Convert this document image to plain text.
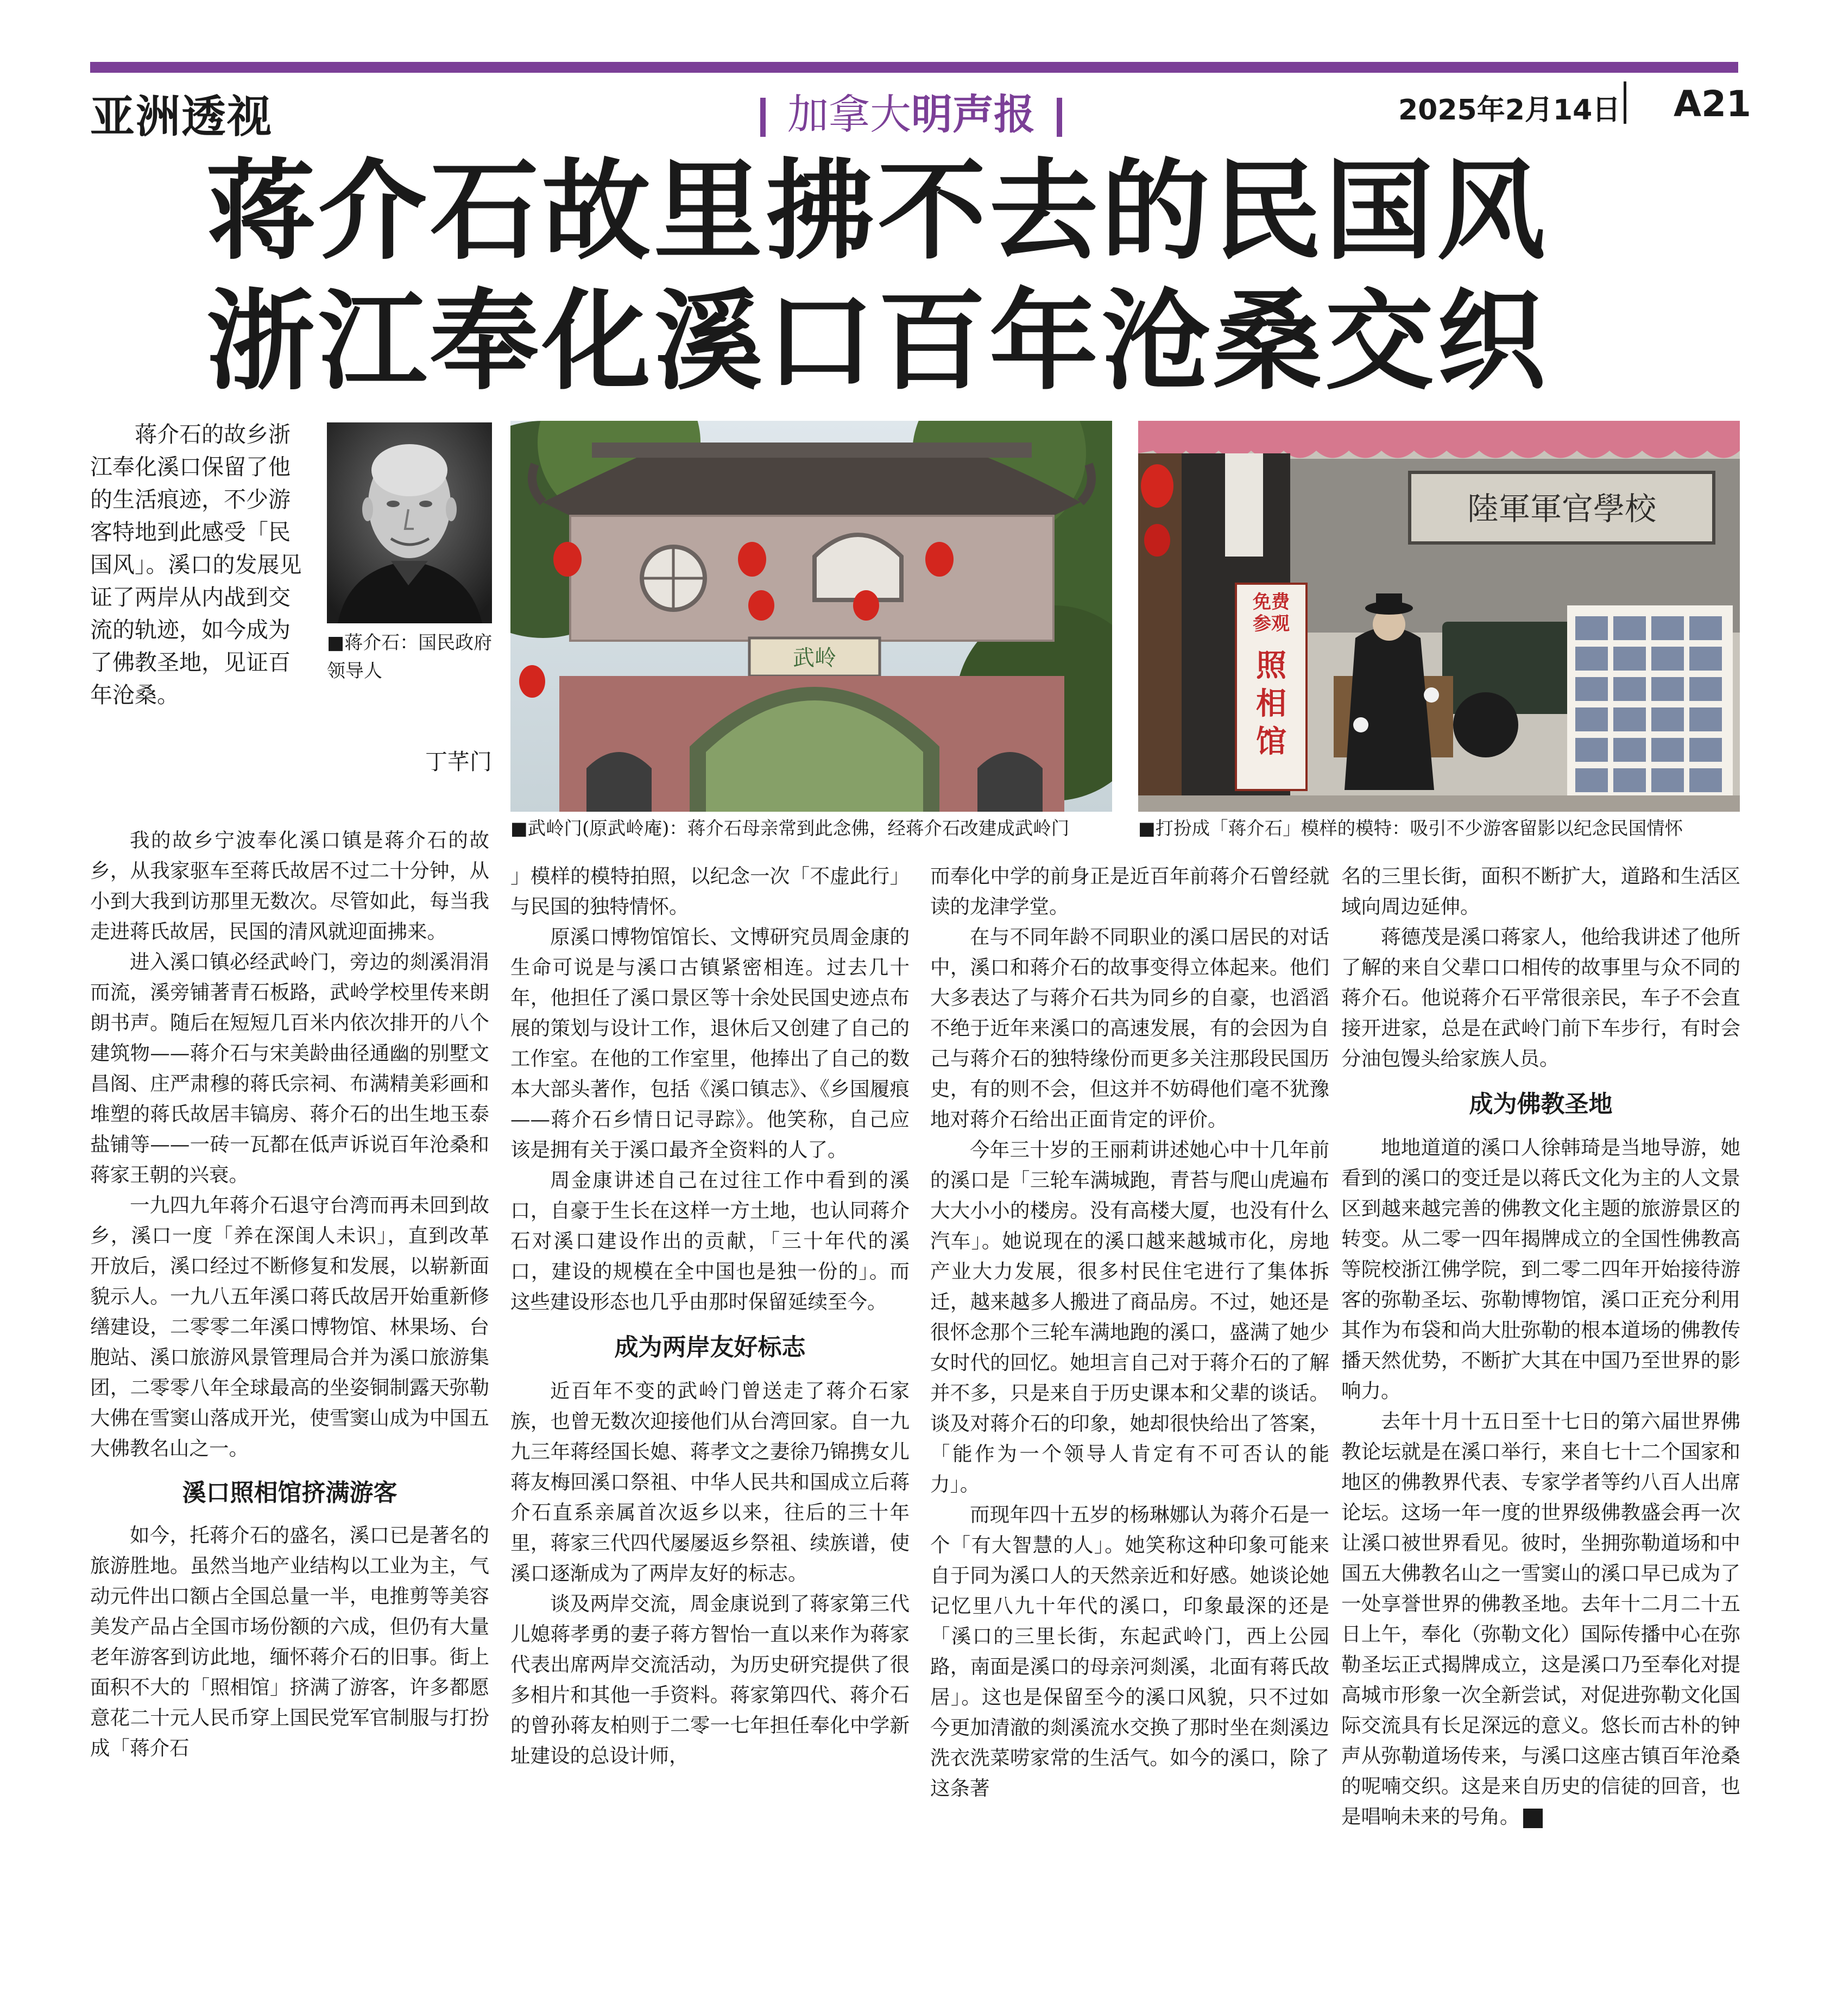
亚洲透视	加拿大明声报	2025年2月14日 A21
蒋介石故里拂不去的民国风
浙江奉化溪口百年沧桑交织

蒋介石的故乡浙江奉化溪口保留了他的生活痕迹，不少游客特地到此感受「民国风」。溪口的发展见证了两岸从内战到交流的轨迹，如今成为了佛教圣地，见证百年沧桑。

丁芊门
■蒋介石：国民政府领导人
武岭
■武岭门(原武岭庵)：蒋介石母亲常到此念佛，经蒋介石改建成武岭门
陸軍軍官學校
免费
参观
照
相
馆
■打扮成「蒋介石」模样的模特：吸引不少游客留影以纪念民国情怀

我的故乡宁波奉化溪口镇是蒋介石的故乡，从我家驱车至蒋氏故居不过二十分钟，从小到大我到访那里无数次。尽管如此，每当我走进蒋氏故居，民国的清风就迎面拂来。

进入溪口镇必经武岭门，旁边的剡溪涓涓而流，溪旁铺著青石板路，武岭学校里传来朗朗书声。随后在短短几百米内依次排开的八个建筑物——蒋介石与宋美龄曲径通幽的别墅文昌阁、庄严肃穆的蒋氏宗祠、布满精美彩画和堆塑的蒋氏故居丰镐房、蒋介石的出生地玉泰盐铺等——一砖一瓦都在低声诉说百年沧桑和蒋家王朝的兴衰。

一九四九年蒋介石退守台湾而再未回到故乡，溪口一度「养在深闺人未识」，直到改革开放后，溪口经过不断修复和发展，以崭新面貌示人。一九八五年溪口蒋氏故居开始重新修缮建设，二零零二年溪口博物馆、林果场、台胞站、溪口旅游风景管理局合并为溪口旅游集团，二零零八年全球最高的坐姿铜制露天弥勒大佛在雪窦山落成开光，使雪窦山成为中国五大佛教名山之一。

溪口照相馆挤满游客

如今，托蒋介石的盛名，溪口已是著名的旅游胜地。虽然当地产业结构以工业为主，气动元件出口额占全国总量一半，电推剪等美容美发产品占全国市场份额的六成，但仍有大量老年游客到访此地，缅怀蒋介石的旧事。街上面积不大的「照相馆」挤满了游客，许多都愿意花二十元人民币穿上国民党军官制服与打扮成「蒋介石

」模样的模特拍照，以纪念一次「不虚此行」与民国的独特情怀。

原溪口博物馆馆长、文博研究员周金康的生命可说是与溪口古镇紧密相连。过去几十年，他担任了溪口景区等十余处民国史迹点布展的策划与设计工作，退休后又创建了自己的工作室。在他的工作室里，他捧出了自己的数本大部头著作，包括《溪口镇志》、《乡国履痕——蒋介石乡情日记寻踪》。他笑称，自己应该是拥有关于溪口最齐全资料的人了。

周金康讲述自己在过往工作中看到的溪口，自豪于生长在这样一方土地，也认同蒋介石对溪口建设作出的贡献，「三十年代的溪口，建设的规模在全中国也是独一份的」。而这些建设形态也几乎由那时保留延续至今。

成为两岸友好标志

近百年不变的武岭门曾送走了蒋介石家族，也曾无数次迎接他们从台湾回家。自一九九三年蒋经国长媳、蒋孝文之妻徐乃锦携女儿蒋友梅回溪口祭祖、中华人民共和国成立后蒋介石直系亲属首次返乡以来，往后的三十年里，蒋家三代四代屡屡返乡祭祖、续族谱，使溪口逐渐成为了两岸友好的标志。

谈及两岸交流，周金康说到了蒋家第三代儿媳蒋孝勇的妻子蒋方智怡一直以来作为蒋家代表出席两岸交流活动，为历史研究提供了很多相片和其他一手资料。蒋家第四代、蒋介石的曾孙蒋友柏则于二零一七年担任奉化中学新址建设的总设计师，

而奉化中学的前身正是近百年前蒋介石曾经就读的龙津学堂。

在与不同年龄不同职业的溪口居民的对话中，溪口和蒋介石的故事变得立体起来。他们大多表达了与蒋介石共为同乡的自豪，也滔滔不绝于近年来溪口的高速发展，有的会因为自己与蒋介石的独特缘份而更多关注那段民国历史，有的则不会，但这并不妨碍他们毫不犹豫地对蒋介石给出正面肯定的评价。

今年三十岁的王丽莉讲述她心中十几年前的溪口是「三轮车满城跑，青苔与爬山虎遍布大大小小的楼房。没有高楼大厦，也没有什么汽车」。她说现在的溪口越来越城市化，房地产业大力发展，很多村民住宅进行了集体拆迁，越来越多人搬进了商品房。不过，她还是很怀念那个三轮车满地跑的溪口，盛满了她少女时代的回忆。她坦言自己对于蒋介石的了解并不多，只是来自于历史课本和父辈的谈话。谈及对蒋介石的印象，她却很快给出了答案，「能作为一个领导人肯定有不可否认的能力」。

而现年四十五岁的杨琳娜认为蒋介石是一个「有大智慧的人」。她笑称这种印象可能来自于同为溪口人的天然亲近和好感。她谈论她记忆里八九十年代的溪口，印象最深的还是「溪口的三里长街，东起武岭门，西上公园路，南面是溪口的母亲河剡溪，北面有蒋氏故居」。这也是保留至今的溪口风貌，只不过如今更加清澈的剡溪流水交换了那时坐在剡溪边洗衣洗菜唠家常的生活气。如今的溪口，除了这条著

名的三里长街，面积不断扩大，道路和生活区域向周边延伸。

蒋德茂是溪口蒋家人，他给我讲述了他所了解的来自父辈口口相传的故事里与众不同的蒋介石。他说蒋介石平常很亲民，车子不会直接开进家，总是在武岭门前下车步行，有时会分油包馒头给家族人员。

成为佛教圣地

地地道道的溪口人徐韩琦是当地导游，她看到的溪口的变迁是以蒋氏文化为主的人文景区到越来越完善的佛教文化主题的旅游景区的转变。从二零一四年揭牌成立的全国性佛教高等院校浙江佛学院，到二零二四年开始接待游客的弥勒圣坛、弥勒博物馆，溪口正充分利用其作为布袋和尚大肚弥勒的根本道场的佛教传播天然优势，不断扩大其在中国乃至世界的影响力。

去年十月十五日至十七日的第六届世界佛教论坛就是在溪口举行，来自七十二个国家和地区的佛教界代表、专家学者等约八百人出席论坛。这场一年一度的世界级佛教盛会再一次让溪口被世界看见。彼时，坐拥弥勒道场和中国五大佛教名山之一雪窦山的溪口早已成为了一处享誉世界的佛教圣地。去年十二月二十五日上午，奉化（弥勒文化）国际传播中心在弥勒圣坛正式揭牌成立，这是溪口乃至奉化对提高城市形象一次全新尝试，对促进弥勒文化国际交流具有长足深远的意义。悠长而古朴的钟声从弥勒道场传来，与溪口这座古镇百年沧桑的呢喃交织。这是来自历史的信徒的回音，也是唱响未来的号角。
